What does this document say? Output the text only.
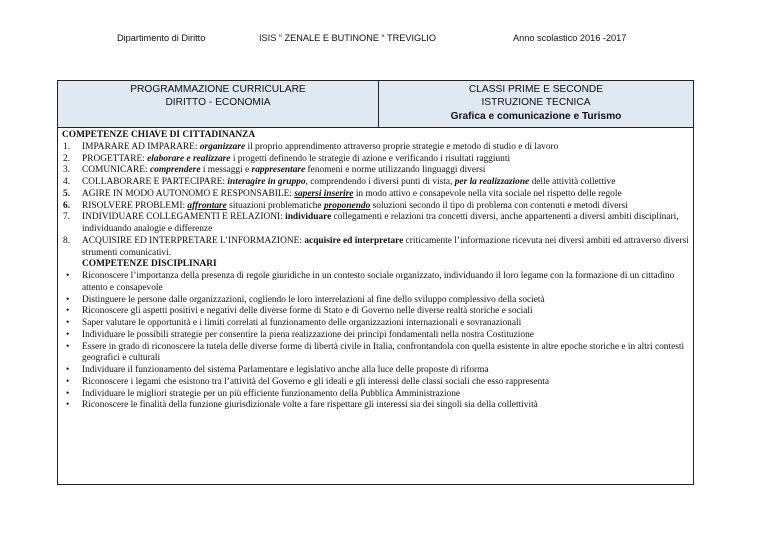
Dipartimento di Diritto	ISIS “ ZENALE E BUTINONE “ TREVIGLIO	Anno scolastico 2016 -2017
PROGRAMMAZIONE CURRICULARE
DIRITTO - ECONOMIA
CLASSI PRIME E SECONDE
ISTRUZIONE TECNICA
Grafica e comunicazione e Turismo
COMPETENZE CHIAVE DI CITTADINANZA
1. IMPARARE AD IMPARARE: organizzare il proprio apprendimento attraverso proprie strategie e metodo di studio e di lavoro
2. PROGETTARE: elaborare e realizzare i progetti definendo le strategie di azione e verificando i risultati raggiunti
3. COMUNICARE: comprendere i messaggi e rappresentare fenomeni e norme utilizzando linguaggi diversi
4. COLLABORARE E PARTECIPARE: interagire in gruppo, comprendendo i diversi punti di vista, per la realizzazione delle attività collettive
5. AGIRE IN MODO AUTONOMO E RESPONSABILE: sapersi inserire in modo attivo e consapevole nella vita sociale nel rispetto delle regole
6. RISOLVERE PROBLEMI: affrontare situazioni problematiche proponendo soluzioni secondo il tipo di problema con contenuti e metodi diversi
7. INDIVIDUARE COLLEGAMENTI E RELAZIONI: individuare collegamenti e relazioni tra concetti diversi, anche appartenenti a diversi ambiti disciplinari, individuando analogie e differenze
8. ACQUISIRE ED INTERPRETARE L’INFORMAZIONE: acquisire ed interpretare criticamente l’informazione ricevuta nei diversi ambiti ed attraverso diversi strumenti comunicativi.
COMPETENZE DISCIPLINARI
• Riconoscere l’importanza della presenza di regole giuridiche in un contesto sociale organizzato, individuando il loro legame con la formazione di un cittadino attento e consapevole
• Distinguere le persone dalle organizzazioni, cogliendo le loro interrelazioni al fine dello sviluppo complessivo della società
• Riconoscere gli aspetti positivi e negativi delle diverse forme di Stato e di Governo nelle diverse realtà storiche e sociali
• Saper valutare le opportunità e i limiti correlati al funzionamento delle organizzazioni internazionali e sovranazionali
• Individuare le possibili strategie per consentire la piena realizzazione dei principi fondamentali nella nostra Costituzione
• Essere in grado di riconoscere la tutela delle diverse forme di libertà civile in Italia, confrontandola con quella esistente in altre epoche storiche e in altri contesti geografici e culturali
• Individuare il funzionamento del sistema Parlamentare e legislativo anche alla luce delle proposte di riforma
• Riconoscere i legami che esistono tra l’attività del Governo e gli ideali e gli interessi delle classi sociali che esso rappresenta
• Individuare le migliori strategie per un più efficiente funzionamento della Pubblica Amministrazione
• Riconoscere le finalità della funzione giurisdizionale volte a fare rispettare gli interessi sia dei singoli sia della collettività
